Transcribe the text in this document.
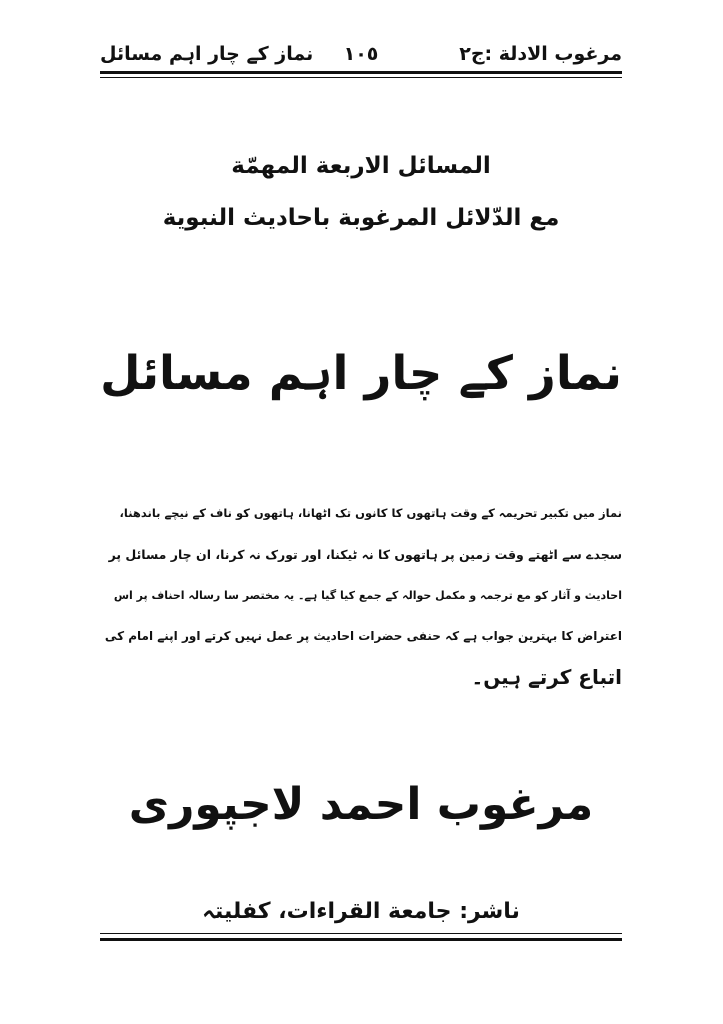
مرغوب الادلة :ج٢
١٠٥
نماز کے چار اہم مسائل
المسائل الاربعة المهمّة
مع الدّلائل المرغوبة باحاديث النبوية
نماز کے چار اہم مسائل
نماز میں تکبیر تحریمہ کے وقت ہاتھوں کا کانوں تک اٹھانا، ہاتھوں کو ناف کے نیچے باندھنا،
سجدے سے اٹھتے وقت زمین پر ہاتھوں کا نہ ٹیکنا، اور تورک نہ کرنا، ان چار مسائل پر
احادیث و آثار کو مع ترجمہ و مکمل حوالہ کے جمع کیا گیا ہے۔ یہ مختصر سا رسالہ احناف پر اس
اعتراض کا بہترین جواب ہے کہ حنفی حضرات احادیث پر عمل نہیں کرتے اور اپنے امام کی
اتباع کرتے ہیں۔
مرغوب احمد لاجپوری
ناشر: جامعة القراءات، کفلیتہ
